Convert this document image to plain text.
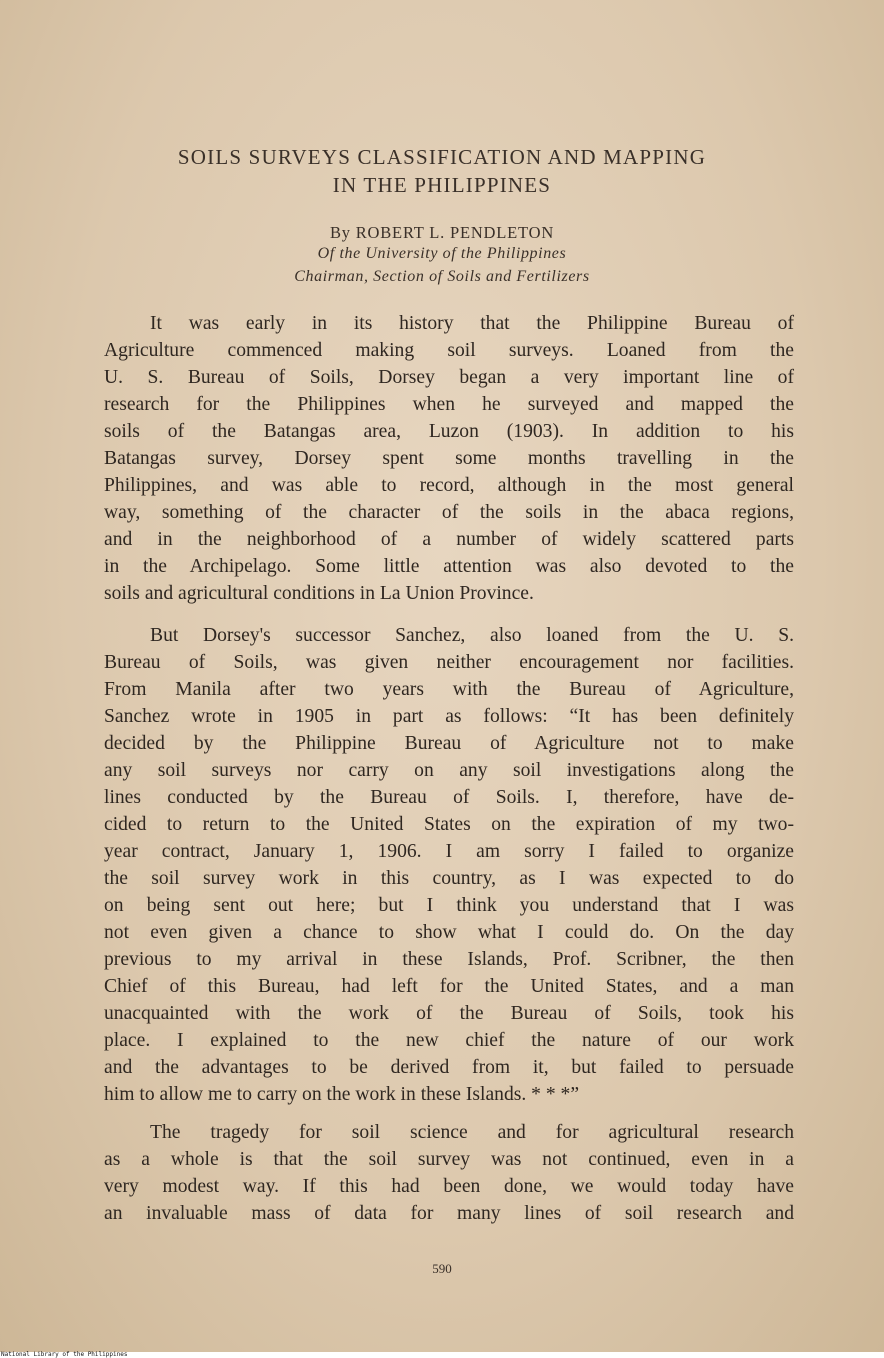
SOILS SURVEYS CLASSIFICATION AND MAPPING
IN THE PHILIPPINES
By ROBERT L. PENDLETON
Of the University of the Philippines
Chairman, Section of Soils and Fertilizers
It was early in its history that the Philippine Bureau of
Agriculture commenced making soil surveys. Loaned from the
U. S. Bureau of Soils, Dorsey began a very important line of
research for the Philippines when he surveyed and mapped the
soils of the Batangas area, Luzon (1903). In addition to his
Batangas survey, Dorsey spent some months travelling in the
Philippines, and was able to record, although in the most general
way, something of the character of the soils in the abaca regions,
and in the neighborhood of a number of widely scattered parts
in the Archipelago. Some little attention was also devoted to the
soils and agricultural conditions in La Union Province.
But Dorsey's successor Sanchez, also loaned from the U. S.
Bureau of Soils, was given neither encouragement nor facilities.
From Manila after two years with the Bureau of Agriculture,
Sanchez wrote in 1905 in part as follows: “It has been definitely
decided by the Philippine Bureau of Agriculture not to make
any soil surveys nor carry on any soil investigations along the
lines conducted by the Bureau of Soils. I, therefore, have de-
cided to return to the United States on the expiration of my two-
year contract, January 1, 1906. I am sorry I failed to organize
the soil survey work in this country, as I was expected to do
on being sent out here; but I think you understand that I was
not even given a chance to show what I could do. On the day
previous to my arrival in these Islands, Prof. Scribner, the then
Chief of this Bureau, had left for the United States, and a man
unacquainted with the work of the Bureau of Soils, took his
place. I explained to the new chief the nature of our work
and the advantages to be derived from it, but failed to persuade
him to allow me to carry on the work in these Islands. * * *”
The tragedy for soil science and for agricultural research
as a whole is that the soil survey was not continued, even in a
very modest way. If this had been done, we would today have
an invaluable mass of data for many lines of soil research and
590
National Library of the Philippines
